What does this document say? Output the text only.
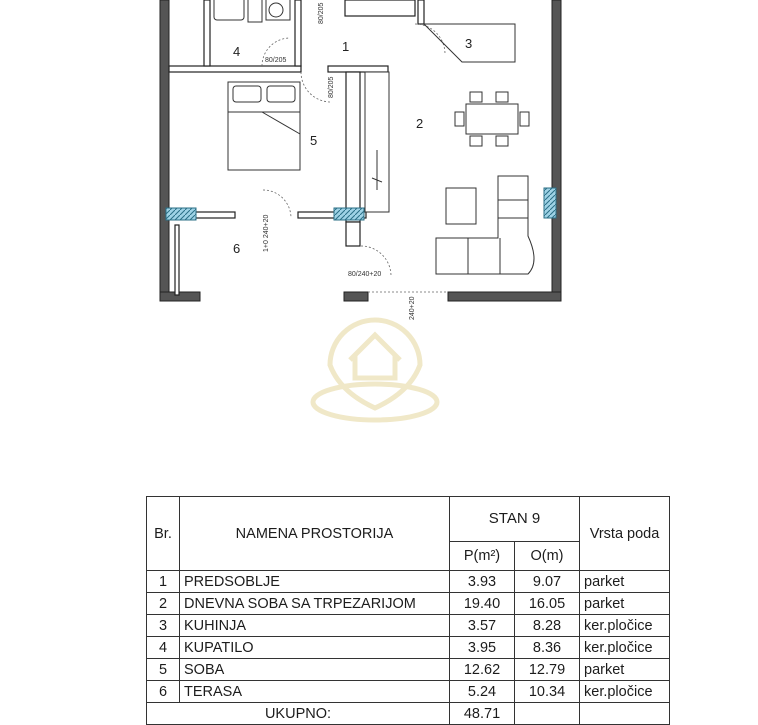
4	1	3
2
5
6
80/205
80/205
80/205
80/240+20
1+0 240+20
240+20
Br.	NAMENA PROSTORIJA	STAN 9		Vrsta poda
		P(m²)	O(m)	
1	PREDSOBLJE	3.93	9.07	parket
2	DNEVNA SOBA SA TRPEZARIJOM	19.40	16.05	parket
3	KUHINJA	3.57	8.28	ker.pločice
4	KUPATILO	3.95	8.36	ker.pločice
5	SOBA	12.62	12.79	parket
6	TERASA	5.24	10.34	ker.pločice
UKUPNO:		48.71		
